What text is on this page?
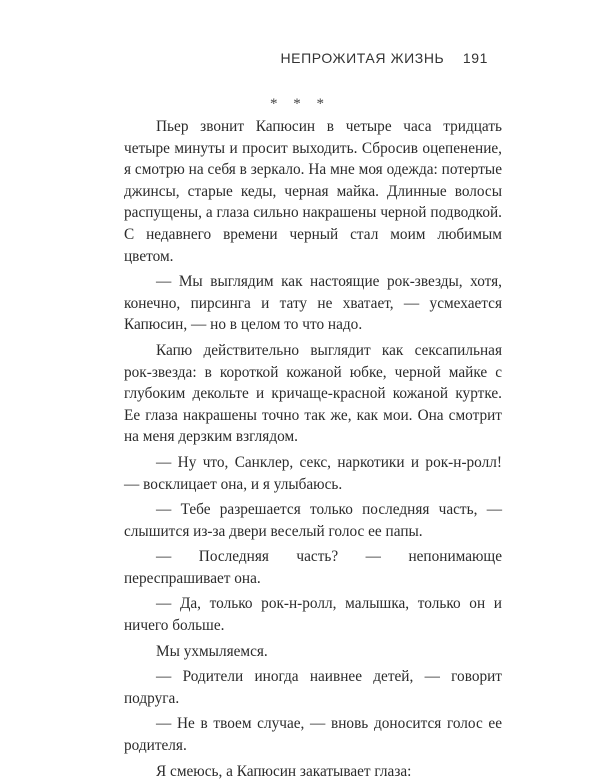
НЕПРОЖИТАЯ ЖИЗНЬ 191
* * *

Пьер звонит Капюсин в четыре часа тридцать четыре минуты и просит выходить. Сбросив оцепенение, я смотрю на себя в зеркало. На мне моя одежда: потертые джинсы, старые кеды, черная майка. Длинные волосы распущены, а глаза сильно накрашены черной подводкой. С недавнего времени черный стал моим любимым цветом.

— Мы выглядим как настоящие рок-звезды, хотя, конечно, пирсинга и тату не хватает, — усмехается Капюсин, — но в целом то что надо.

Капю действительно выглядит как сексапильная рок-звезда: в короткой кожаной юбке, черной майке с глубоким декольте и кричаще-красной кожаной куртке. Ее глаза накрашены точно так же, как мои. Она смотрит на меня дерзким взглядом.

— Ну что, Санклер, секс, наркотики и рок-н-ролл! — восклицает она, и я улыбаюсь.

— Тебе разрешается только последняя часть, — слышится из-за двери веселый голос ее папы.

— Последняя часть? — непонимающе переспрашивает она.

— Да, только рок-н-ролл, малышка, только он и ничего больше.

Мы ухмыляемся.

— Родители иногда наивнее детей, — говорит подруга.

— Не в твоем случае, — вновь доносится голос ее родителя.

Я смеюсь, а Капюсин закатывает глаза:
